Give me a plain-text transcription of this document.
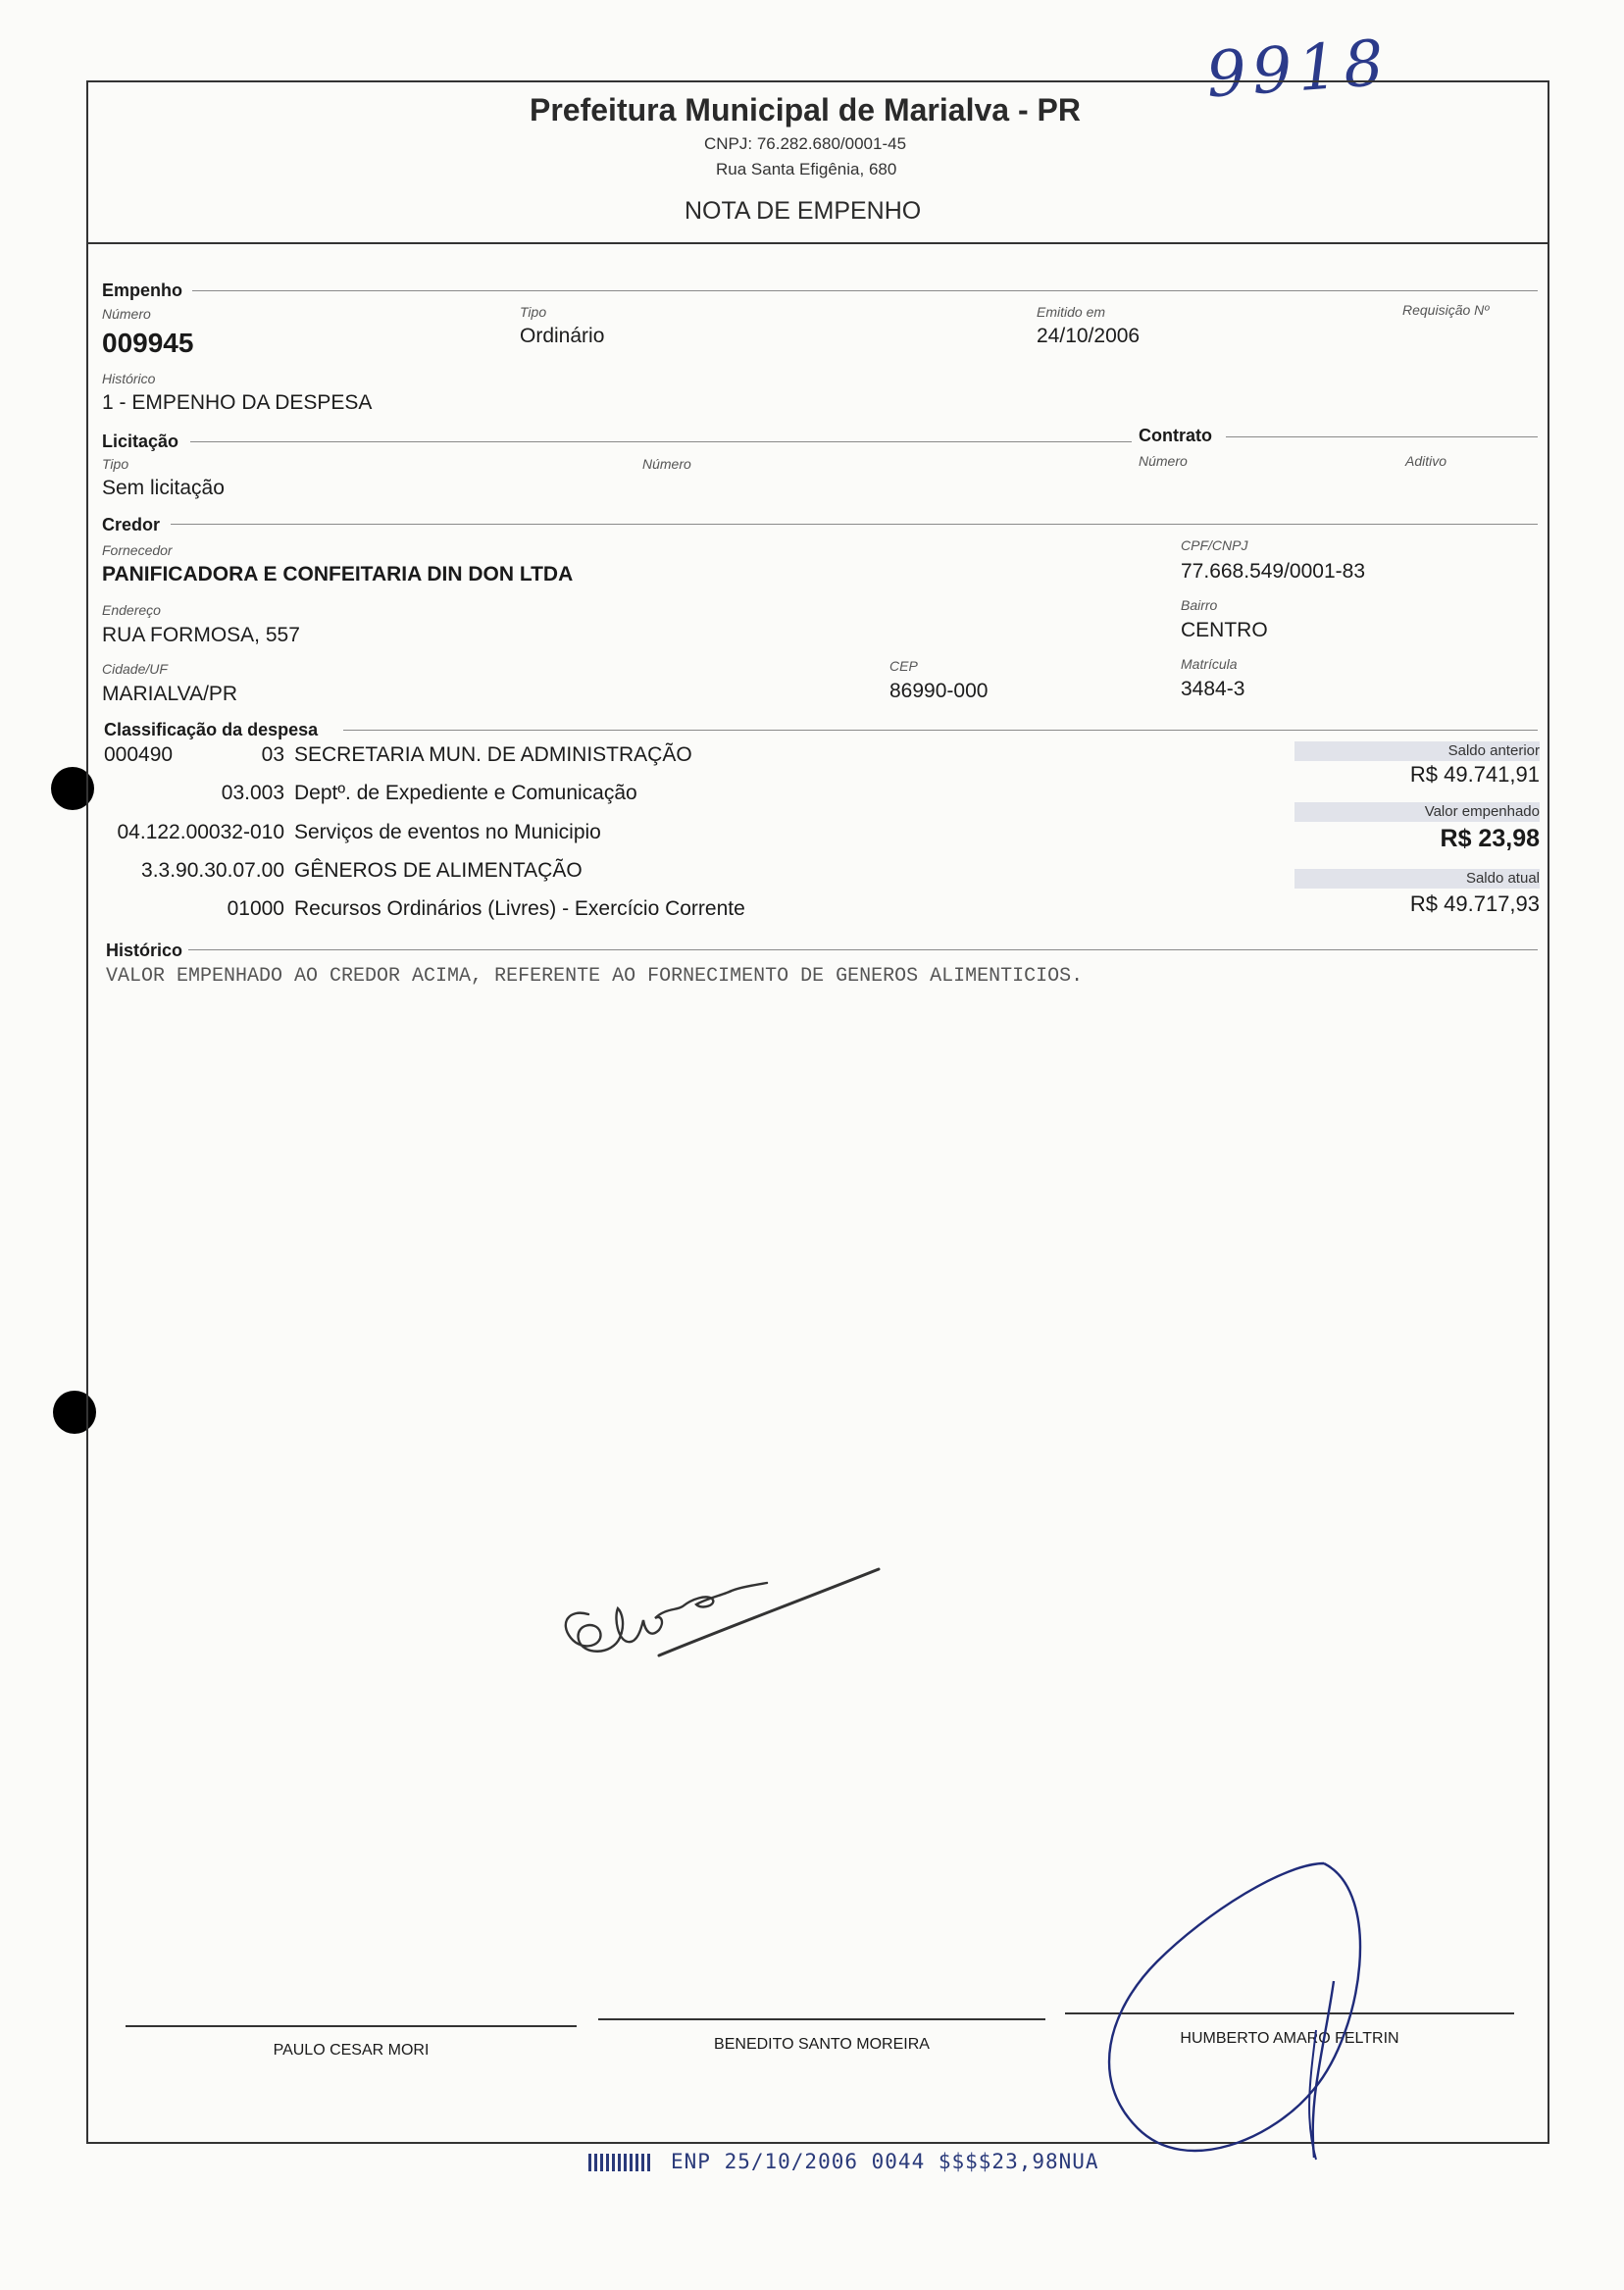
9918
Prefeitura Municipal de Marialva - PR
CNPJ: 76.282.680/0001-45
Rua Santa Efigênia, 680
NOTA DE EMPENHO
Empenho
Número
009945
Tipo
Ordinário
Emitido em
24/10/2006
Requisição Nº
Histórico
1 - EMPENHO DA DESPESA
Licitação
Tipo
Sem licitação
Número
Contrato
Número	Aditivo
Credor
Fornecedor
PANIFICADORA E CONFEITARIA DIN DON LTDA
CPF/CNPJ
77.668.549/0001-83
Endereço
RUA FORMOSA, 557
Bairro
CENTRO
Cidade/UF
MARIALVA/PR
CEP
86990-000
Matrícula
3484-3
Classificação da despesa
000490	03 SECRETARIA MUN. DE ADMINISTRAÇÃO
03.003 Deptº. de Expediente e Comunicação
04.122.00032-010 Serviços de eventos no Municipio
3.3.90.30.07.00 GÊNEROS DE ALIMENTAÇÃO
01000 Recursos Ordinários (Livres) - Exercício Corrente
Saldo anterior
R$ 49.741,91
Valor empenhado
R$ 23,98
Saldo atual
R$ 49.717,93
Histórico
VALOR EMPENHADO AO CREDOR ACIMA, REFERENTE AO FORNECIMENTO DE GENEROS ALIMENTICIOS.
PAULO CESAR MORI	BENEDITO SANTO MOREIRA	HUMBERTO AMARO FELTRIN
ENP 25/10/2006 0044 $$$$23,98NUA
